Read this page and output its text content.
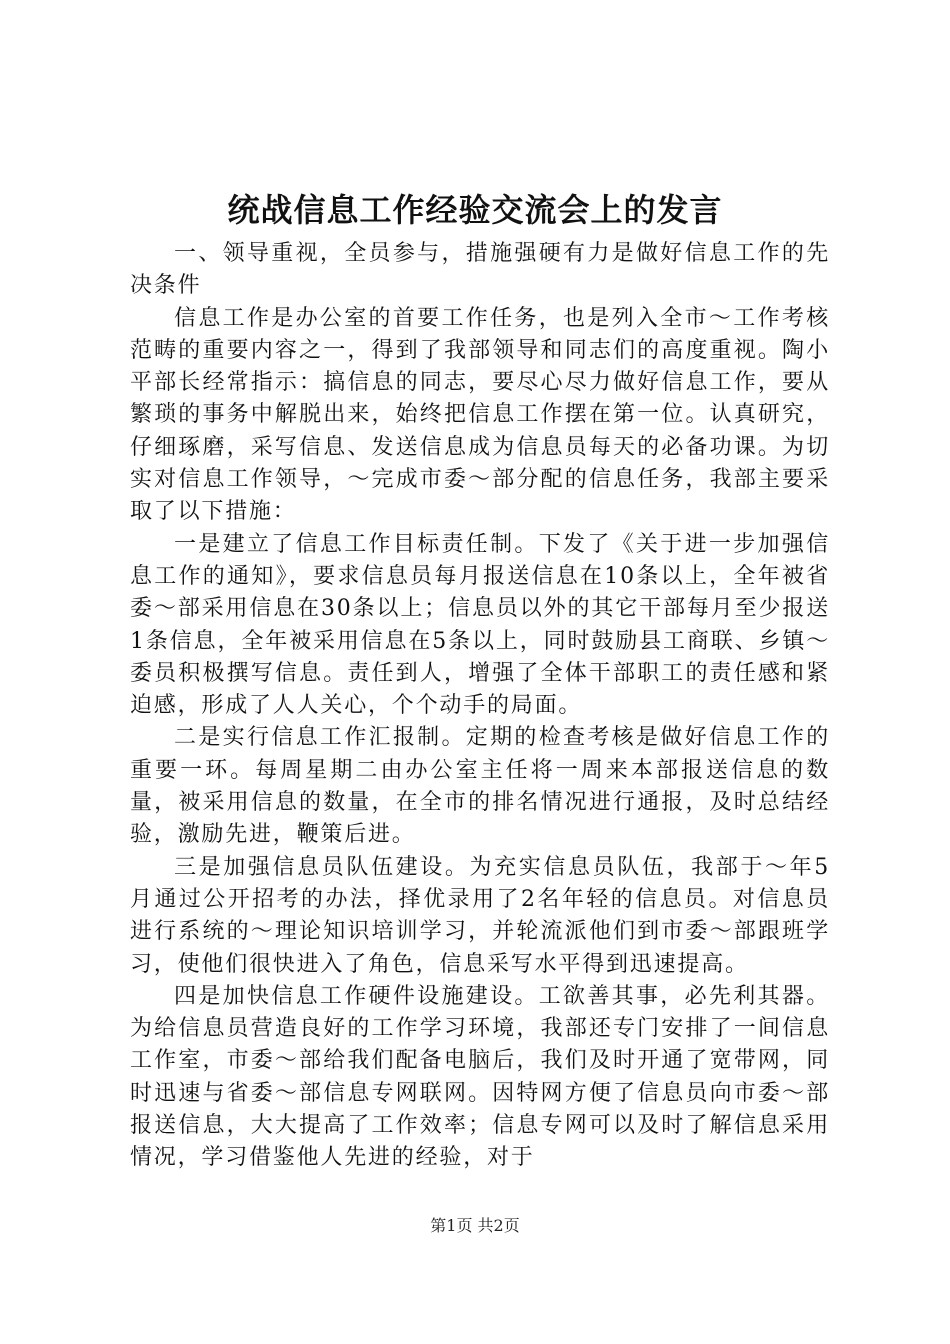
统战信息工作经验交流会上的发言

一、领导重视，全员参与，措施强硬有力是做好信息工作的先决条件

信息工作是办公室的首要工作任务，也是列入全市～工作考核范畴的重要内容之一，得到了我部领导和同志们的高度重视。陶小平部长经常指示：搞信息的同志，要尽心尽力做好信息工作，要从繁琐的事务中解脱出来，始终把信息工作摆在第一位。认真研究，仔细琢磨，采写信息、发送信息成为信息员每天的必备功课。为切实对信息工作领导，～完成市委～部分配的信息任务，我部主要采取了以下措施：

一是建立了信息工作目标责任制。下发了《关于进一步加强信息工作的通知》，要求信息员每月报送信息在10条以上，全年被省委～部采用信息在30条以上；信息员以外的其它干部每月至少报送1条信息，全年被采用信息在5条以上，同时鼓励县工商联、乡镇～委员积极撰写信息。责任到人，增强了全体干部职工的责任感和紧迫感，形成了人人关心，个个动手的局面。

二是实行信息工作汇报制。定期的检查考核是做好信息工作的重要一环。每周星期二由办公室主任将一周来本部报送信息的数量，被采用信息的数量，在全市的排名情况进行通报，及时总结经验，激励先进，鞭策后进。

三是加强信息员队伍建设。为充实信息员队伍，我部于～年5月通过公开招考的办法，择优录用了2名年轻的信息员。对信息员进行系统的～理论知识培训学习，并轮流派他们到市委～部跟班学习，使他们很快进入了角色，信息采写水平得到迅速提高。

四是加快信息工作硬件设施建设。工欲善其事，必先利其器。为给信息员营造良好的工作学习环境，我部还专门安排了一间信息工作室，市委～部给我们配备电脑后，我们及时开通了宽带网，同时迅速与省委～部信息专网联网。因特网方便了信息员向市委～部报送信息，大大提高了工作效率；信息专网可以及时了解信息采用情况，学习借鉴他人先进的经验，对于

第1页 共2页
